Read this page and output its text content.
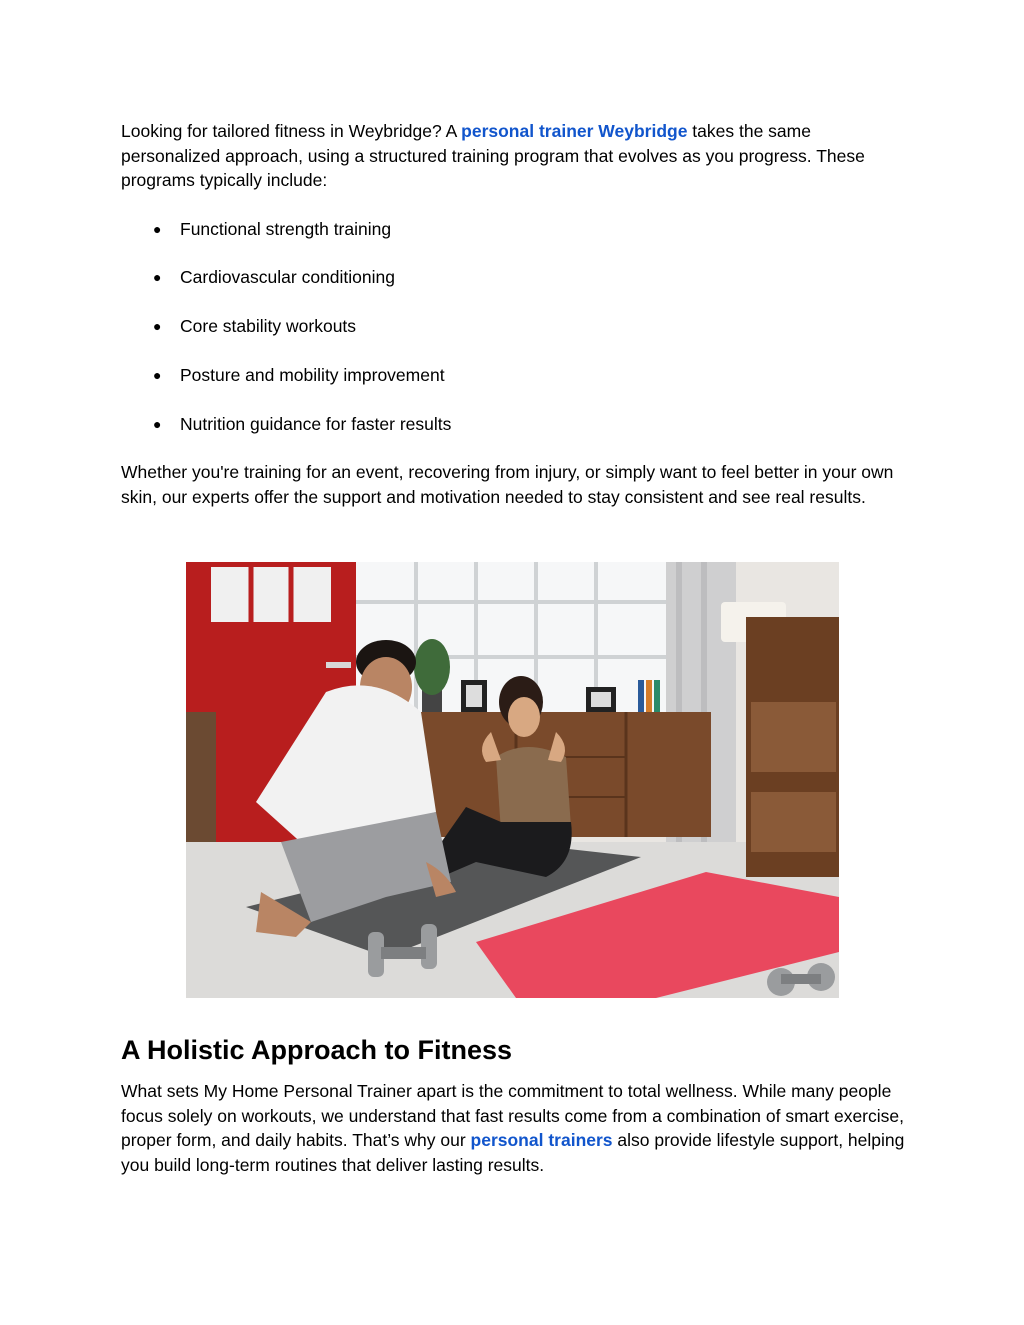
Looking for tailored fitness in Weybridge? A personal trainer Weybridge takes the same personalized approach, using a structured training program that evolves as you progress. These programs typically include:

● Functional strength training
● Cardiovascular conditioning
● Core stability workouts
● Posture and mobility improvement
● Nutrition guidance for faster results

Whether you're training for an event, recovering from injury, or simply want to feel better in your own skin, our experts offer the support and motivation needed to stay consistent and see real results.

A Holistic Approach to Fitness

What sets My Home Personal Trainer apart is the commitment to total wellness. While many people focus solely on workouts, we understand that fast results come from a combination of smart exercise, proper form, and daily habits. That’s why our personal trainers also provide lifestyle support, helping you build long-term routines that deliver lasting results.
